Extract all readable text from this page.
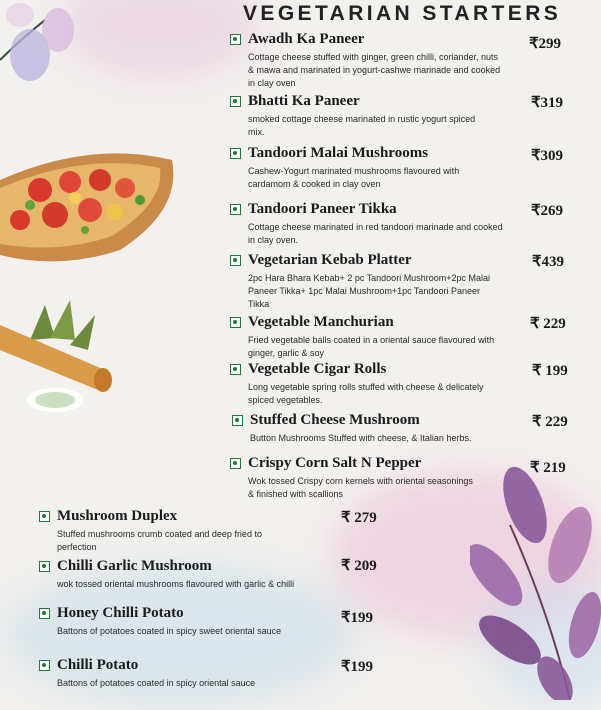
VEGETARIAN STARTERS
Awadh Ka Paneer
Cottage cheese stuffed with ginger, green chilli, coriander, nuts & mawa and marinated in yogurt-cashwe marinade and cooked in clay oven
₹299
Bhatti Ka Paneer
smoked cottage cheese marinated in rustic yogurt spiced mix.
₹319
Tandoori Malai Mushrooms
Cashew-Yogurt marinated mushrooms flavoured with cardamom & cooked in clay oven
₹309
Tandoori Paneer Tikka
Cottage cheese marinated in red tandoori marinade and cooked in clay oven.
₹269
Vegetarian Kebab Platter
2pc Hara Bhara Kebab+ 2 pc Tandoori Mushroom+2pc Malai Paneer Tikka+ 1pc Malai Mushroom+1pc Tandoori Paneer Tikka
₹439
Vegetable Manchurian
Fried vegetable balls coated in a oriental sauce flavoured with ginger, garlic & soy
₹ 229
Vegetable Cigar Rolls
Long vegetable spring rolls stuffed with cheese & delicately spiced vegetables.
₹ 199
Stuffed Cheese Mushroom
Button Mushrooms Stuffed with cheese, & Italian herbs.
₹ 229
Crispy Corn Salt N Pepper
Wok tossed Crispy corn kernels with oriental seasonings & finished with scallions
₹ 219
Mushroom Duplex
Stuffed mushrooms crumb coated and deep fried to perfection
₹ 279
Chilli Garlic Mushroom
wok tossed oriental mushrooms flavoured with garlic & chilli
₹ 209
Honey Chilli Potato
Battons of potatoes coated in spicy sweet oriental sauce
₹199
Chilli Potato
Battons of potatoes coated in spicy oriental sauce
₹199
